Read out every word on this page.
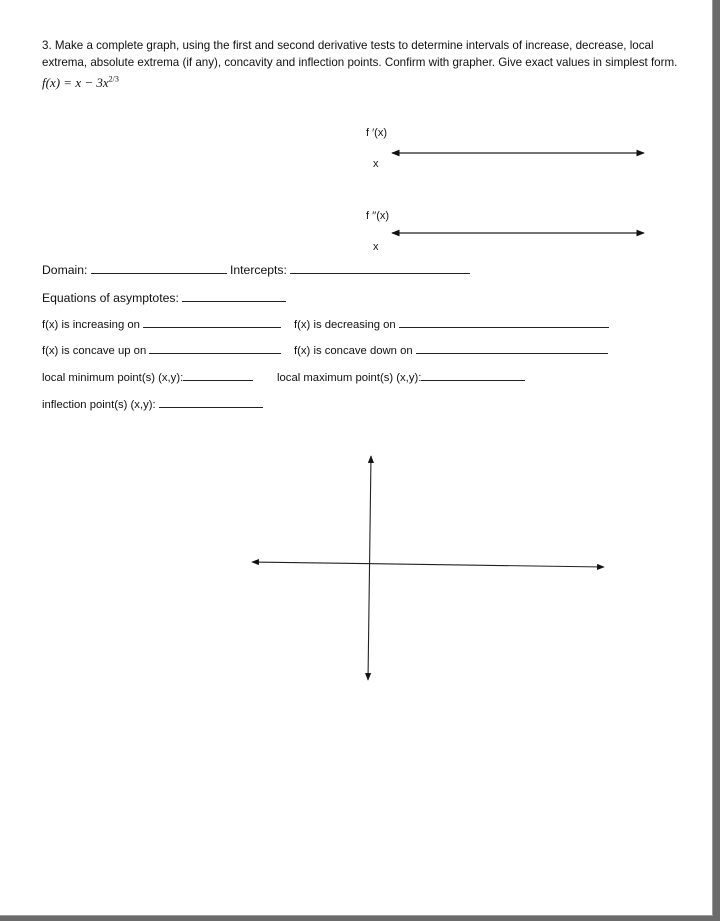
3. Make a complete graph, using the first and second derivative tests to determine intervals of increase, decrease, local extrema, absolute extrema (if any), concavity and inflection points. Confirm with grapher. Give exact values in simplest form. $f(x) = x - 3x^{2/3}$
f ′(x)
x
f ′′(x)
x
Domain:	Intercepts:
Equations of asymptotes:
f(x) is increasing on	f(x) is decreasing on
f(x) is concave up on	f(x) is concave down on
local minimum point(s) (x,y):	local maximum point(s) (x,y):
inflection point(s) (x,y):
